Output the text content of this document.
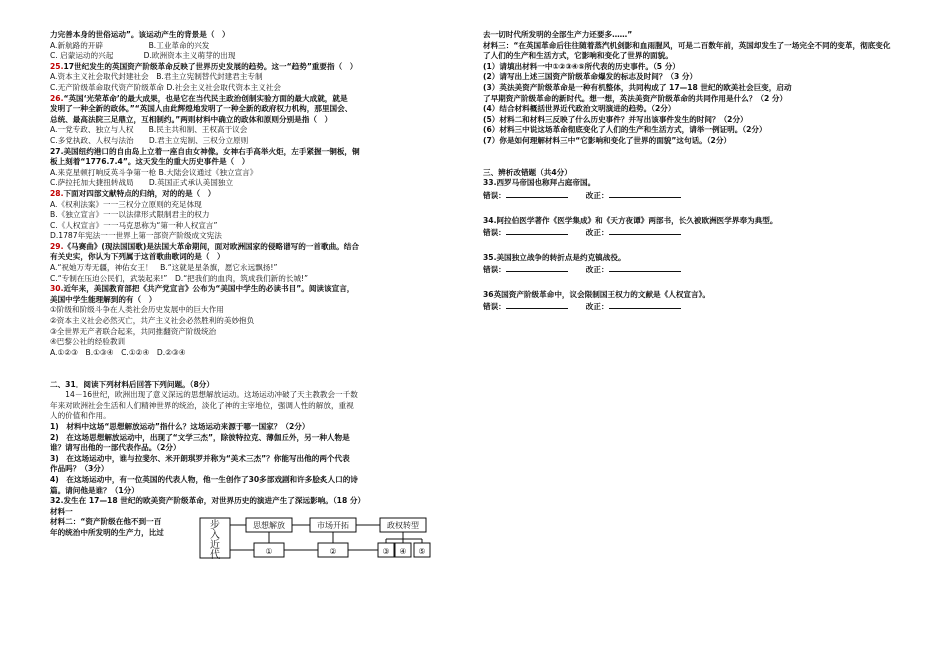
力完善本身的世俗运动”。该运动产生的背景是（　）
A.新航路的开辟　　　　　　B.工业革命的兴发
C. 启蒙运动的兴起　　　　D.欧洲资本主义萌芽的出现
25.17世纪发生的英国资产阶级革命反映了世界历史发展的趋势。这一“趋势”重要指（　）
A.资本主义社会取代封建社会　B.君主立宪制替代封建君主专制
C.无产阶级革命取代资产阶级革命 D.社会主义社会取代资本主义社会
26.“英国‘光荣革命’的最大成果，也是它在当代民主政治创制实验方面的最大成就，就是
发明了一种全新的政体。”“英国人由此辉煌地发明了一种全新的政府权力机构，那里国会、
总统、最高法院三足鼎立，互相制约。”两则材料中确立的政体和原则分别是指（　）
A.一党专政、独立与人权　　B.民主共和制、王权高于议会
C.多党执政、人权与法治　　D.君主立宪制、三权分立原则
27.美国纽约港口的自由岛上立着一座自由女神像。女神右手高举火炬，左手紧握一铜板，铜
板上刻着“1776.7.4”。这天发生的重大历史事件是（　）
A.来克星顿打响反英斗争第一枪 B.大陆会议通过《独立宣言》
C.萨拉托加大捷扭转战局　　D.英国正式承认美国独立
28.下面对四部文献特点的归纳，对的的是（　）
A.《权利法案》一一三权分立原则的充足体现
B.《独立宣言》一一以法律形式限制君主的权力
C.《人权宣言》一一马克思称为“第一种人权宣言”
D.1787年宪法一一世界上第一部资产阶级成文宪法
29.《马赛曲》(现法国国歌)是法国大革命期间，面对欧洲国家的侵略谱写的一首歌曲。结合
有关史实，你认为下列属于这首歌曲歌词的是（　）
A.“祝她万寿无疆，神佑女王！　B.“这就是星条旗，愿它永远飘扬!”
C.“专制在压迫公民们，武装起来!”　D.“把我们的血肉，筑成我们新的长城!”
30.近年来，美国教育部把《共产党宣言》公布为“美国中学生的必读书目”。阅读该宣言，
美国中学生能理解到的有（　）
①阶级和阶级斗争在人类社会历史发展中的巨大作用
②资本主义社会必然灭亡，共产主义社会必然胜利的美妙抱负
③全世界无产者联合起来，共同推翻资产阶级统治
④巴黎公社的经验教训
A.①②③　B.①③④　C.①②④　D.②③④
二、31．阅读下列材料后回答下列问题。（8分）
　　14－16世纪，欧洲出现了意义深远的思想解放运动。这场运动冲破了天主教教会一千数
年来对欧洲社会生活和人们精神世界的统治，淡化了神的主宰地位，强调人性的解放，重视
人的价值和作用。
1)　材料中这场“思想解放运动”指什么？这场运动来源于哪一国家？（2分）
2)　在这场思想解放运动中，出现了“文学三杰”，除彼特拉克、薄伽丘外，另一种人物是
谁？请写出他的一部代表作品。（2分）
3)　在这场运动中，谁与拉斐尔、米开朗琪罗并称为“美术三杰”？你能写出他的两个代表
作品吗？（3分）
4)　在这场运动中，有一位英国的代表人物，他一生创作了30多部戏剧和许多脍炙人口的诗
篇。请问他是谁？（1分）
32.发生在 17—18 世纪的欧美资产阶级革命，对世界历史的演进产生了深远影响。（18 分）
材料一
材料二：“资产阶级在他不到一百
年的统治中所发明的生产力，比过
步
入
近
代
思想解放	市场开拓	政权转型
①	②	③ ④ ⑤
去一切时代所发明的全部生产力还要多……”
材料三：“在英国革命后往往随着蒸汽机剑影和血雨腥风，可是二百数年前，英国却发生了一场完全不同的变革，彻底变化了人们的生产和生活方式，它影响和变化了世界的面貌。
(1）请填出材料一中①②③④⑤所代表的历史事件。（5 分）
(2）请写出上述三国资产阶级革命爆发的标志及时间？（3 分）
(3）英法美资产阶级革命是一种有机整体，共同构成了 17—18 世纪的欧美社会巨变，启动
了早期资产阶级革命的新时代。想一想，英法美资产阶级革命的共同作用是什么？（2 分）
(4）结合材料概括世界近代政治文明演进的趋势。（2分）
(5）材料二和材料三反映了什么历史事件？并写出该事件发生的时间？（2分）
(6）材料三中说这场革命彻底变化了人们的生产和生活方式，请举一例证明。（2分）
(7）你是如何理解材料三中“它影响和变化了世界的面貌”这句话。（2分）
三、辨析改错题（共4分）
33.西罗马帝国也称拜占庭帝国。
错误：	改正：
34.阿拉伯医学著作《医学集成》和《天方夜谭》两部书，长久被欧洲医学界奉为典型。
错误：	改正：
35.美国独立战争的转折点是约克镇战役。
错误：	改正：
36英国资产阶级革命中，议会限制国王权力的文献是《人权宣言》。
错误：	改正：
